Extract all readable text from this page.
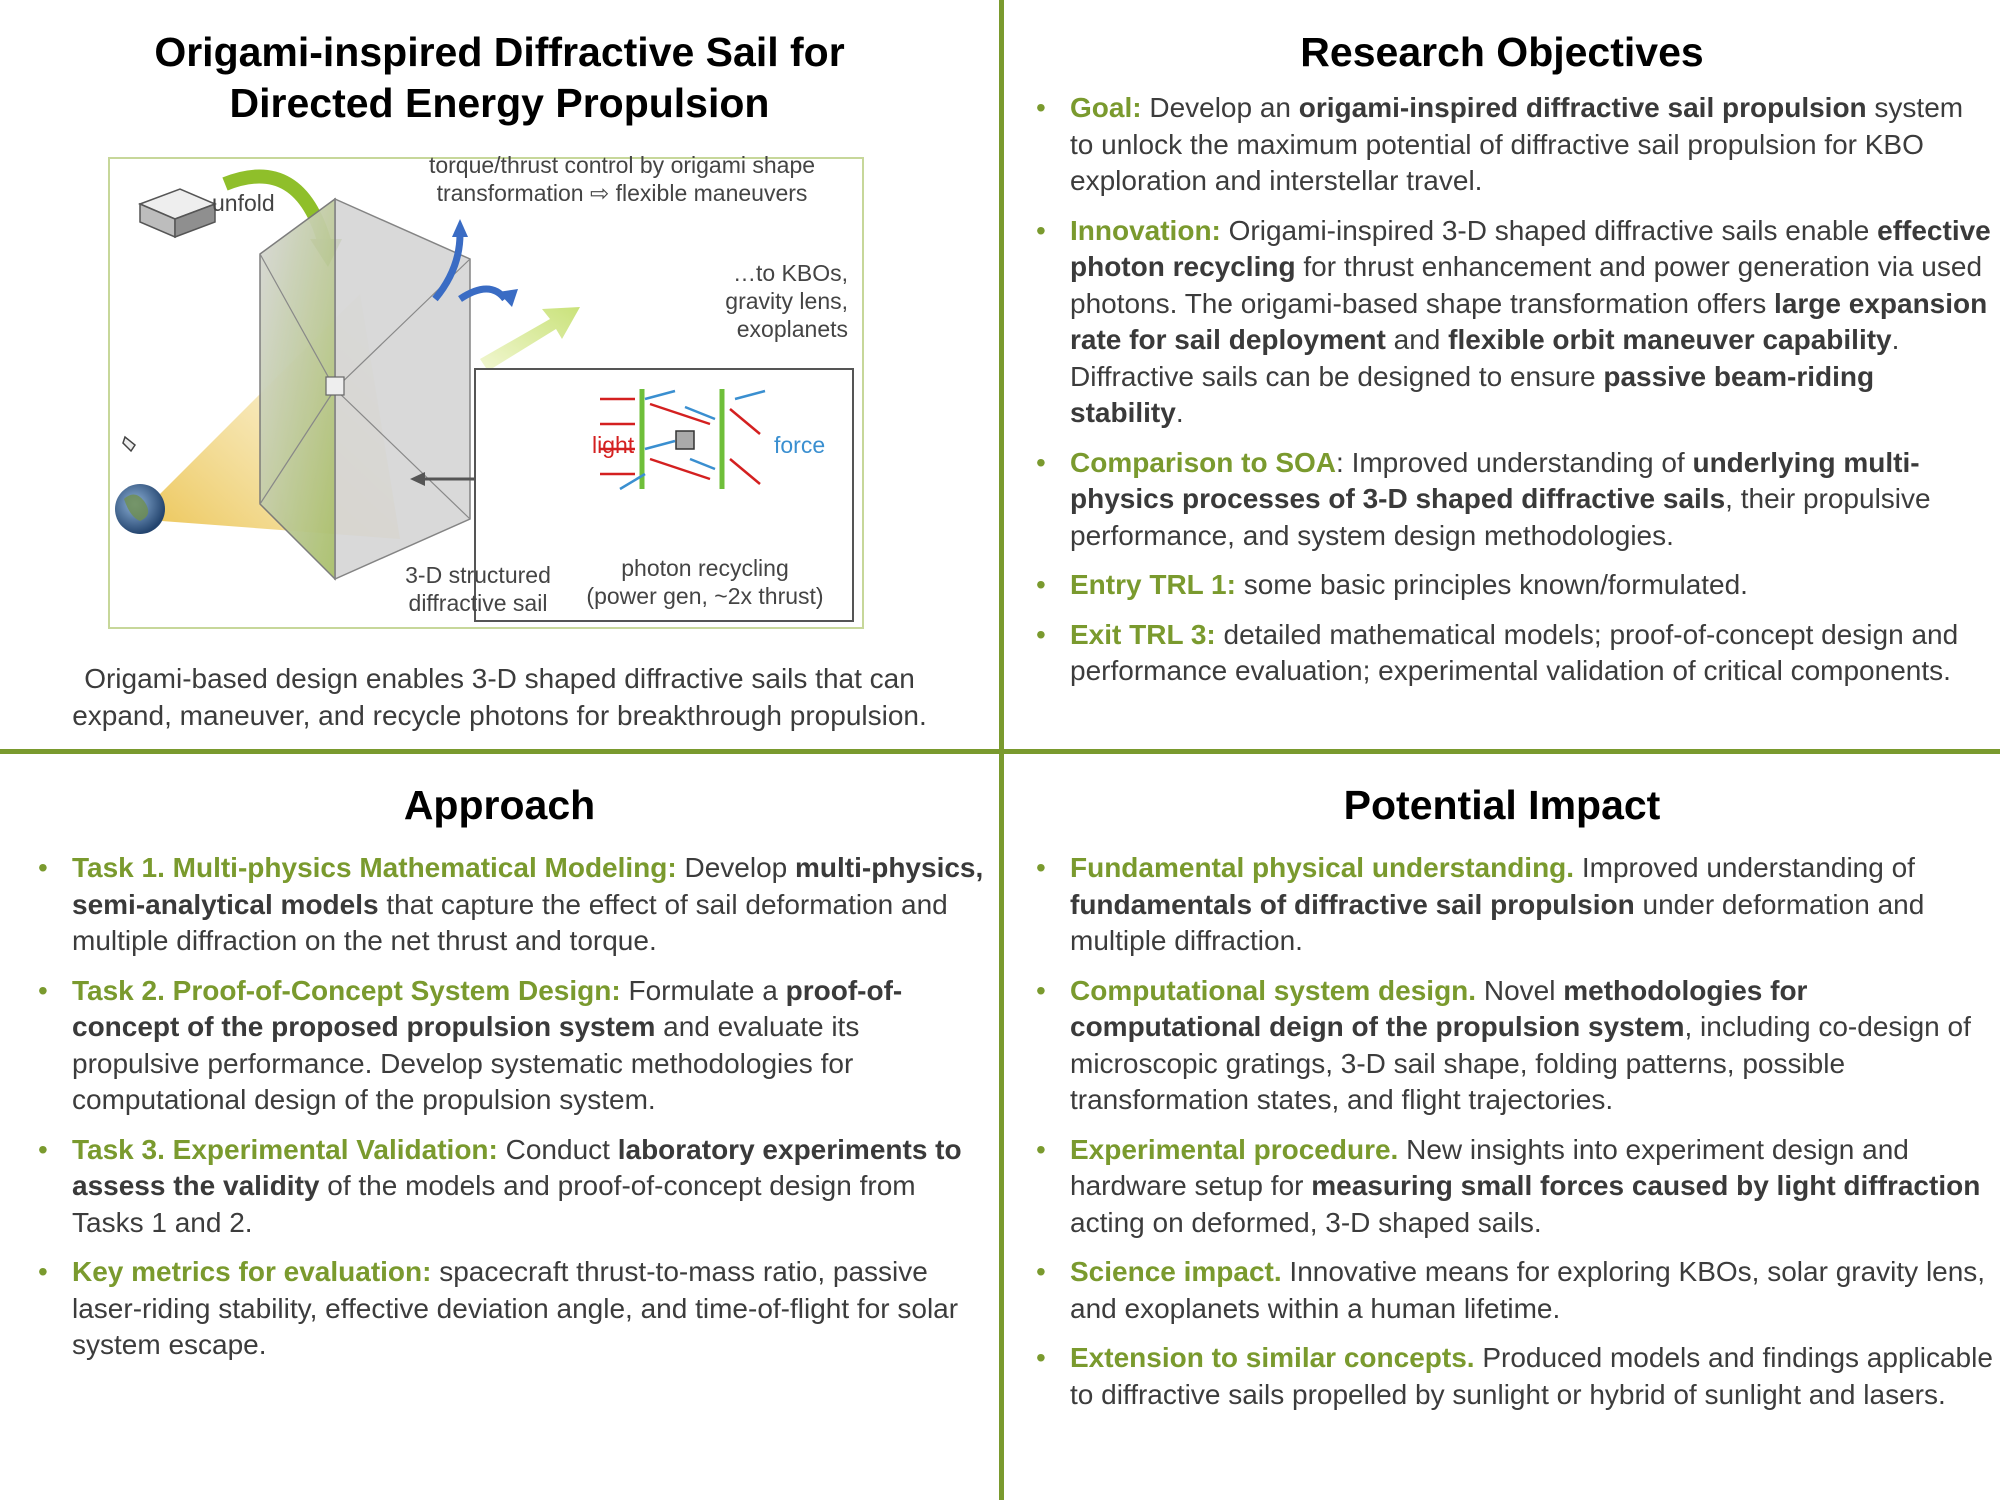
Origami-inspired Diffractive Sail for
Directed Energy Propulsion
unfold
torque/thrust control by origami shape
transformation ⇨ flexible maneuvers
…to KBOs,
gravity lens,
exoplanets
light	force
3-D structured
diffractive sail
photon recycling
(power gen, ~2x thrust)
Origami-based design enables 3-D shaped diffractive sails that can
expand, maneuver, and recycle photons for breakthrough propulsion.
Research Objectives
• Goal: Develop an origami-inspired diffractive sail propulsion system to unlock the maximum potential of diffractive sail propulsion for KBO exploration and interstellar travel.
• Innovation: Origami-inspired 3-D shaped diffractive sails enable effective photon recycling for thrust enhancement and power generation via used photons. The origami-based shape transformation offers large expansion rate for sail deployment and flexible orbit maneuver capability. Diffractive sails can be designed to ensure passive beam-riding stability.
• Comparison to SOA: Improved understanding of underlying multi-physics processes of 3-D shaped diffractive sails, their propulsive performance, and system design methodologies.
• Entry TRL 1: some basic principles known/formulated.
• Exit TRL 3: detailed mathematical models; proof-of-concept design and performance evaluation; experimental validation of critical components.
Approach
• Task 1. Multi-physics Mathematical Modeling: Develop multi-physics, semi-analytical models that capture the effect of sail deformation and multiple diffraction on the net thrust and torque.
• Task 2. Proof-of-Concept System Design: Formulate a proof-of-concept of the proposed propulsion system and evaluate its propulsive performance. Develop systematic methodologies for computational design of the propulsion system.
• Task 3. Experimental Validation: Conduct laboratory experiments to assess the validity of the models and proof-of-concept design from Tasks 1 and 2.
• Key metrics for evaluation: spacecraft thrust-to-mass ratio, passive laser-riding stability, effective deviation angle, and time-of-flight for solar system escape.
Potential Impact
• Fundamental physical understanding. Improved understanding of fundamentals of diffractive sail propulsion under deformation and multiple diffraction.
• Computational system design. Novel methodologies for computational deign of the propulsion system, including co-design of microscopic gratings, 3-D sail shape, folding patterns, possible transformation states, and flight trajectories.
• Experimental procedure. New insights into experiment design and hardware setup for measuring small forces caused by light diffraction acting on deformed, 3-D shaped sails.
• Science impact. Innovative means for exploring KBOs, solar gravity lens, and exoplanets within a human lifetime.
• Extension to similar concepts. Produced models and findings applicable to diffractive sails propelled by sunlight or hybrid of sunlight and lasers.
